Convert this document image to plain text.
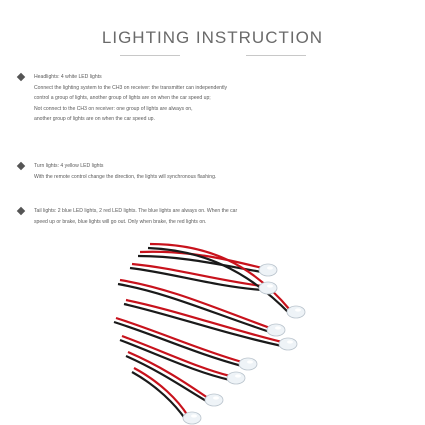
LIGHTING INSTRUCTION
Headlights: 4 white LED lights
Connect the lighting system to the CH3 on receiver: the transmitter can independently
control a group of lights, another group of lights are on when the car speed up;
Not connect to the CH3 on receiver: one group of lights are always on,
another group of lights are on when the car speed up.
Turn lights: 4 yellow LED lights
With the remote control change the direction, the lights will synchronous flashing.
Tail lights: 2 blue LED lights, 2 red LED lights. The blue lights are always on. When the car
speed up or brake, blue lights will go out. Only when brake, the red lights on.
